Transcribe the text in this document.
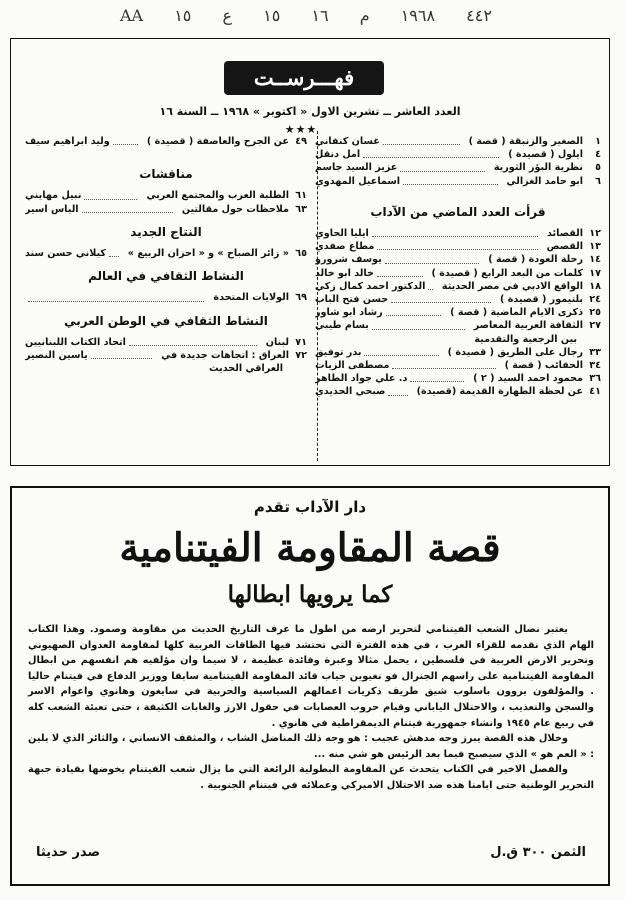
AA ١٥ ع ١٥ ١٦ م ١٩٦٨ ٤٤٢
فهـــرســت
العدد العاشر ــ تشرين الاول « اكتوبر » ١٩٦٨ ــ السنة ١٦
★★★
١
الصغير والزنبقة ( قصة )
غسان كنفاني
٤
ايلول ( قصيدة )
امل دنقل
٥
نظرية البؤر الثورية
عزيز السيد جاسم
٦
ابو حامد الغزالي
اسماعيل المهدوي
قرأت العدد الماضي من الآداب
١٢
القصائد
ايليا الحاوي
١٣
القصص
مطاع صفدي
١٤
رحلة العودة ( قصة )
يوسف شرورو
١٧
كلمات من البعد الرابع ( قصيدة )
خالد ابو خالد
١٨
الواقع الادبي في مصر الحديثة
الدكتور احمد كمال زكي
٢٤
بلتيمور ( قصيدة )
حسن فتح الباب
٢٥
ذكرى الايام الماضية ( قصة )
رشاد ابو شاور
٢٧
الثقافة العربية المعاصر
بسام طيبي
بين الرجعية والتقدمية
٣٣
رجال على الطريق ( قصيدة )
بدر توفيق
٣٤
الحقائب ( قصة )
مصطفى الزيات
٣٦
محمود احمد السيد ( ٢ )
د. علي جواد الطاهر
٤١
عن لحظة الطهارة القديمة (قصيدة)
صبحي الحديدي
٤٩
عن الجرح والعاصفة ( قصيدة )
وليد ابراهيم سيف
مناقشات
٦١
الطلبة العرب والمجتمع العربي
نبيل مهايني
٦٣
ملاحظات حول مقالتين
الياس اسير
النتاج الجديد
٦٥
« زائر الصباح » و « احزان الربيع »
كيلاني حسن سند
النشاط الثقافي في العالم
٦٩
الولايات المتحدة
النشاط الثقافي في الوطن العربي
٧١
لبنان
اتحاد الكتاب اللبنانيين
٧٢
العراق : اتجاهات جديدة في
ياسين النصير
العراقي الحديث
دار الآداب تقدم
قصة المقاومة الفيتنامية
كما يرويها ابطالها

يعتبر نضال الشعب الفيتنامي لتحرير ارضه من اطول ما عرف التاريخ الحديث من مقاومة وصمود. وهذا الكتاب الهام الذي نقدمه للقراء العرب ، في هذه الفترة التي تحتشد فيها الطاقات العربية كلها لمقاومة العدوان الصهيوني وتحرير الارض العربية في فلسطين ، يحمل مثالا وعبرة وفائدة عظيمة ، لا سيما وان مؤلفيه هم انفسهم من ابطال المقاومة الفيتنامية على راسهم الجنرال فو نغيوين جياب قائد المقاومة الفيتنامية سابقا ووزير الدفاع في فيتنام حاليا . والمؤلفون يروون باسلوب شيق طريف ذكريات اعمالهم السياسية والحربية في سايغون وهانوي واعوام الاسر والسجن والتعذيب ، والاحتلال الياباني وقيام حروب العصابات في حقول الارز والغابات الكثيفة ، حتى تعبئة الشعب كله في ربيع عام ١٩٤٥ وانشاء جمهورية فيتنام الديمقراطية في هانوي .

وخلال هذه القصة يبرز وجه مدهش عجيب : هو وجه ذلك المناضل الشاب ، والمثقف الانساني ، والثائر الذي لا يلين : « العم هو » الذي سيصبح فيما بعد الرئيس هو شي منه ...

والفصل الاخير في الكتاب يتحدث عن المقاومة البطولية الرائعة التي ما يزال شعب الفيتنام يخوضها بقيادة جبهة التحرير الوطنية حتى ايامنا هذه ضد الاحتلال الاميركي وعملائه في فيتنام الجنوبية .

الثمن ٣٠٠ ق.ل
صدر حديثا
